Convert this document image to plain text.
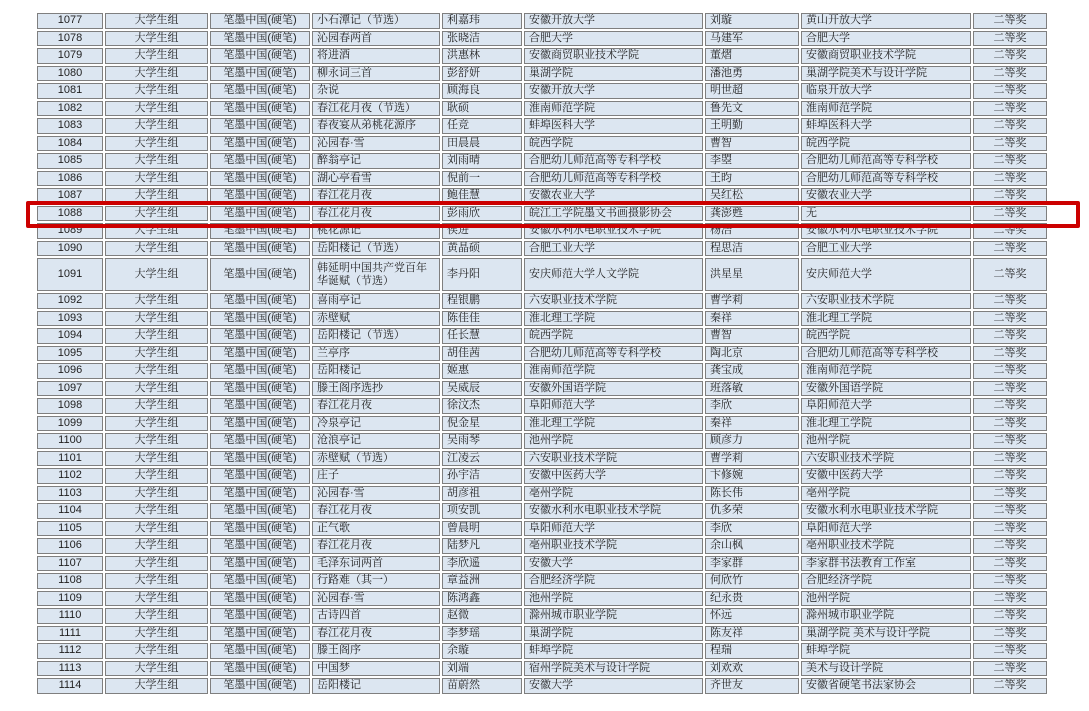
1077	大学生组	笔墨中国(硬笔)	小石潭记（节选）	利嘉玮	安徽开放大学	刘璇	黄山开放大学	二等奖
1078	大学生组	笔墨中国(硬笔)	沁园春两首	张晓洁	合肥大学	马建军	合肥大学	二等奖
1079	大学生组	笔墨中国(硬笔)	将进酒	洪惠林	安徽商贸职业技术学院	董熠	安徽商贸职业技术学院	二等奖
1080	大学生组	笔墨中国(硬笔)	柳永词三首	彭舒妍	巢湖学院	潘池勇	巢湖学院美术与设计学院	二等奖
1081	大学生组	笔墨中国(硬笔)	杂说	顾海良	安徽开放大学	明世超	临泉开放大学	二等奖
1082	大学生组	笔墨中国(硬笔)	春江花月夜（节选）	耿硕	淮南师范学院	鲁先文	淮南师范学院	二等奖
1083	大学生组	笔墨中国(硬笔)	春夜宴从弟桃花源序	任竞	蚌埠医科大学	王明勤	蚌埠医科大学	二等奖
1084	大学生组	笔墨中国(硬笔)	沁园春·雪	田晨晨	皖西学院	曹智	皖西学院	二等奖
1085	大学生组	笔墨中国(硬笔)	醉翁亭记	刘雨晴	合肥幼儿师范高等专科学校	李曌	合肥幼儿师范高等专科学校	二等奖
1086	大学生组	笔墨中国(硬笔)	湖心亭看雪	倪前一	合肥幼儿师范高等专科学校	王昀	合肥幼儿师范高等专科学校	二等奖
1087	大学生组	笔墨中国(硬笔)	春江花月夜	鲍佳慧	安徽农业大学	吴红松	安徽农业大学	二等奖
1088	大学生组	笔墨中国(硬笔)	春江花月夜	彭雨欣	皖江工学院墨文书画摄影协会	龚澎甦	无	二等奖
1089	大学生组	笔墨中国(硬笔)	桃花源记	侯进	安徽水利水电职业技术学院	杨浩	安徽水利水电职业技术学院	二等奖
1090	大学生组	笔墨中国(硬笔)	岳阳楼记（节选）	黄晶硕	合肥工业大学	程思洁	合肥工业大学	二等奖
1091	大学生组	笔墨中国(硬笔)	韩延明中国共产党百年华诞赋（节选）	李丹阳	安庆师范大学人文学院	洪星星	安庆师范大学	二等奖
1092	大学生组	笔墨中国(硬笔)	喜雨亭记	程银鹏	六安职业技术学院	曹学莉	六安职业技术学院	二等奖
1093	大学生组	笔墨中国(硬笔)	赤壁赋	陈佳佳	淮北理工学院	秦祥	淮北理工学院	二等奖
1094	大学生组	笔墨中国(硬笔)	岳阳楼记（节选）	任长慧	皖西学院	曹智	皖西学院	二等奖
1095	大学生组	笔墨中国(硬笔)	兰亭序	胡佳茜	合肥幼儿师范高等专科学校	陶北京	合肥幼儿师范高等专科学校	二等奖
1096	大学生组	笔墨中国(硬笔)	岳阳楼记	姬惠	淮南师范学院	龚宝成	淮南师范学院	二等奖
1097	大学生组	笔墨中国(硬笔)	滕王阁序选抄	吴威辰	安徽外国语学院	班落敏	安徽外国语学院	二等奖
1098	大学生组	笔墨中国(硬笔)	春江花月夜	徐汶杰	阜阳师范大学	李欣	阜阳师范大学	二等奖
1099	大学生组	笔墨中国(硬笔)	冷泉亭记	倪金星	淮北理工学院	秦祥	淮北理工学院	二等奖
1100	大学生组	笔墨中国(硬笔)	沧浪亭记	吴雨琴	池州学院	顾彦力	池州学院	二等奖
1101	大学生组	笔墨中国(硬笔)	赤壁赋（节选）	江凌云	六安职业技术学院	曹学莉	六安职业技术学院	二等奖
1102	大学生组	笔墨中国(硬笔)	庄子	孙宇洁	安徽中医药大学	卞修婉	安徽中医药大学	二等奖
1103	大学生组	笔墨中国(硬笔)	沁园春·雪	胡彦祖	亳州学院	陈长伟	亳州学院	二等奖
1104	大学生组	笔墨中国(硬笔)	春江花月夜	项安凯	安徽水利水电职业技术学院	仇多荣	安徽水利水电职业技术学院	二等奖
1105	大学生组	笔墨中国(硬笔)	正气歌	曾晨明	阜阳师范大学	李欣	阜阳师范大学	二等奖
1106	大学生组	笔墨中国(硬笔)	春江花月夜	陆梦凡	亳州职业技术学院	余山枫	亳州职业技术学院	二等奖
1107	大学生组	笔墨中国(硬笔)	毛泽东词两首	李欣遥	安徽大学	李家群	李家群书法教育工作室	二等奖
1108	大学生组	笔墨中国(硬笔)	行路难（其一）	章益洲	合肥经济学院	何欣竹	合肥经济学院	二等奖
1109	大学生组	笔墨中国(硬笔)	沁园春·雪	陈鸿鑫	池州学院	纪永贵	池州学院	二等奖
1110	大学生组	笔墨中国(硬笔)	古诗四首	赵微	滁州城市职业学院	怀远	滁州城市职业学院	二等奖
1111	大学生组	笔墨中国(硬笔)	春江花月夜	李梦瑶	巢湖学院	陈友祥	巢湖学院 美术与设计学院	二等奖
1112	大学生组	笔墨中国(硬笔)	滕王阁序	余璇	蚌埠学院	程瑞	蚌埠学院	二等奖
1113	大学生组	笔墨中国(硬笔)	中国梦	刘端	宿州学院美术与设计学院	刘欢欢	美术与设计学院	二等奖
1114	大学生组	笔墨中国(硬笔)	岳阳楼记	苗蔚然	安徽大学	齐世友	安徽省硬笔书法家协会	二等奖
